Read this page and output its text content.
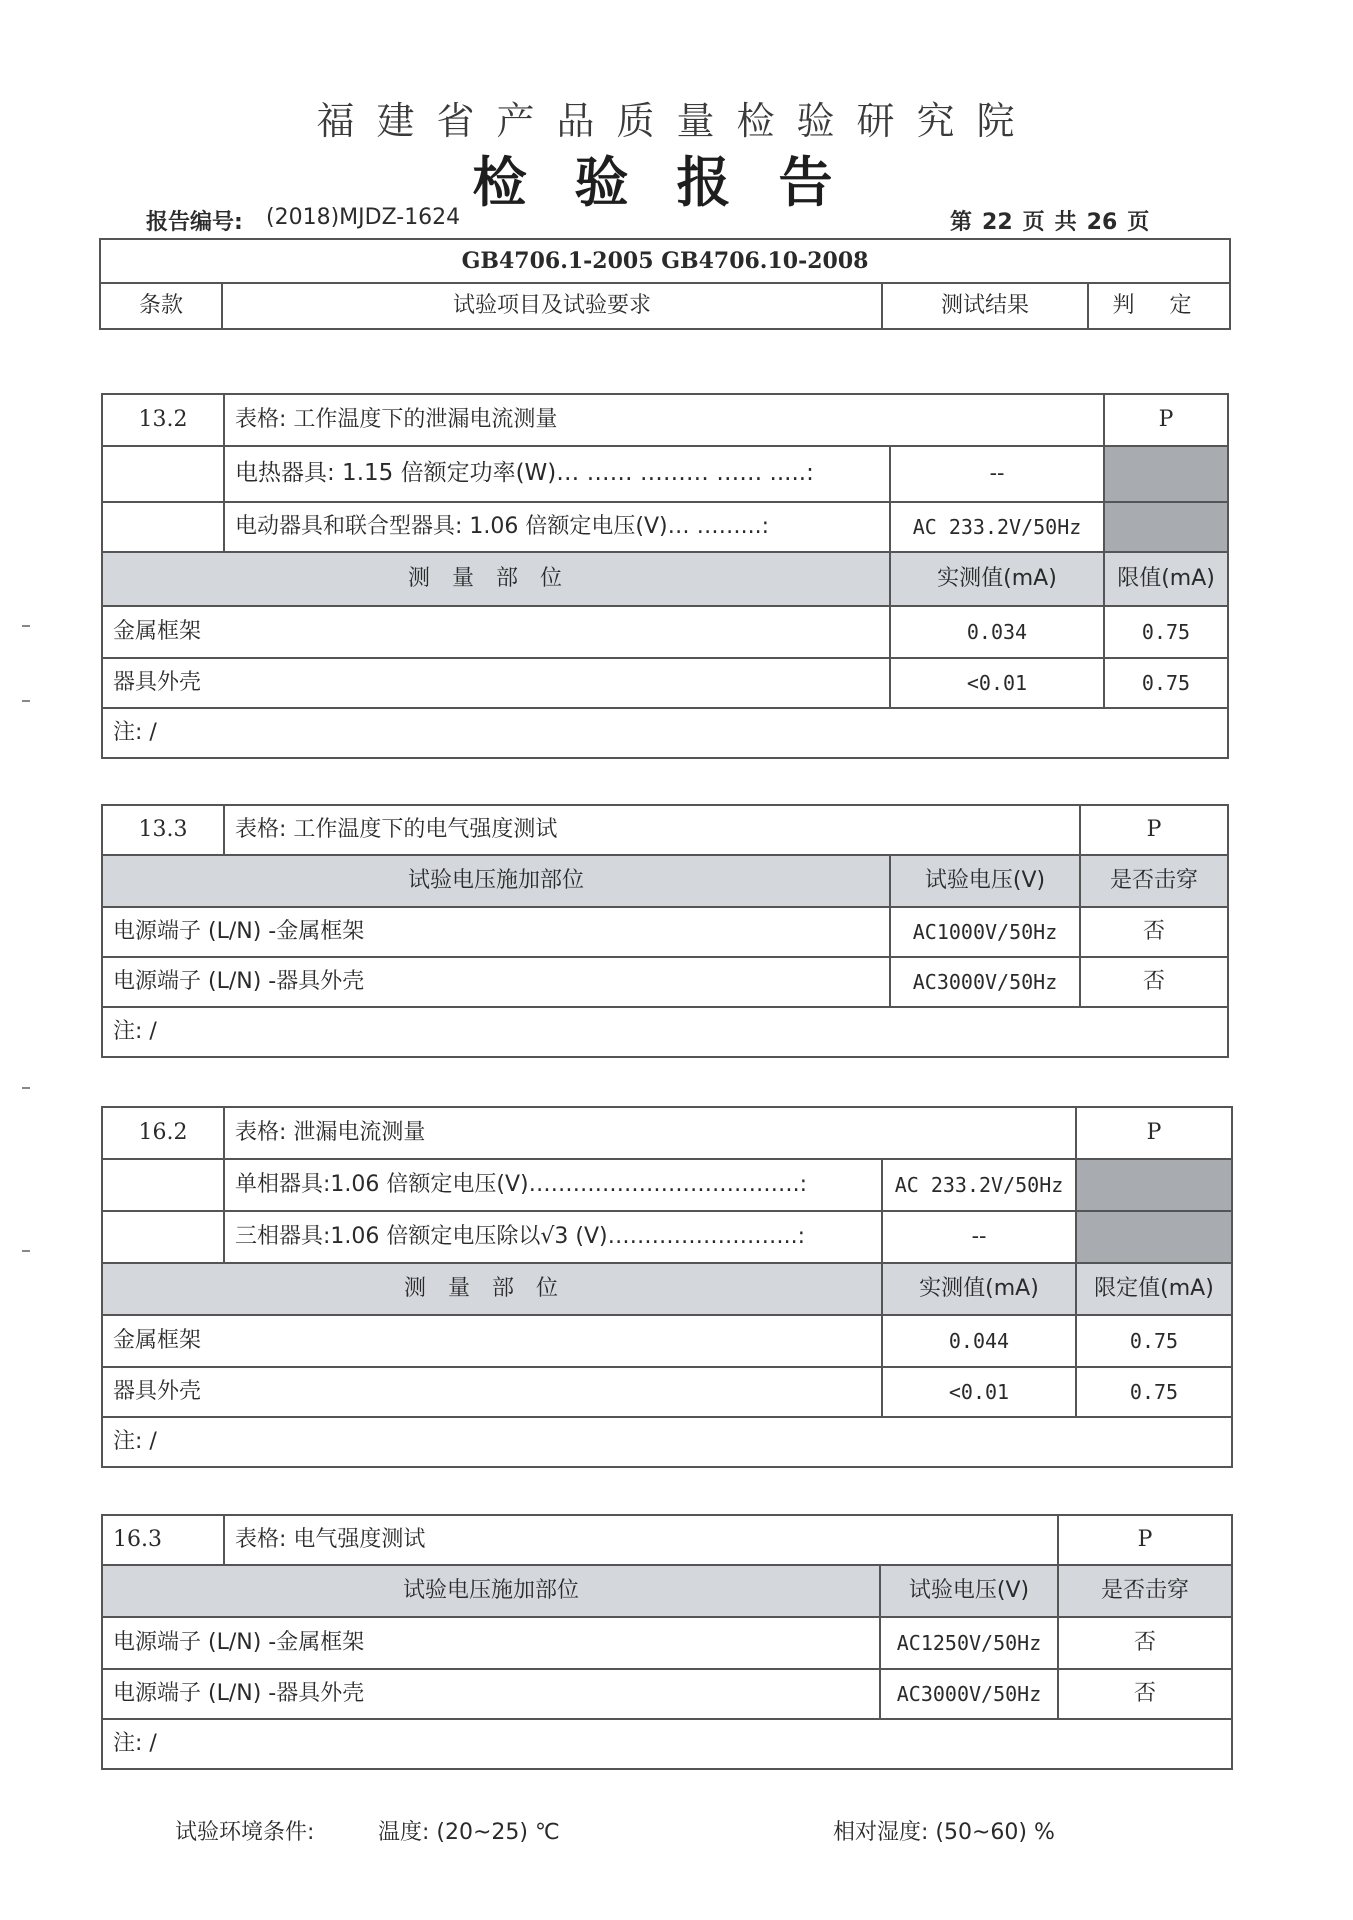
福建省产品质量检验研究院
检验报告
报告编号: (2018)MJDZ-1624	第 22 页 共 26 页
GB4706.1-2005 GB4706.10-2008
条款	试验项目及试验要求	测试结果	判 定
13.2	表格: 工作温度下的泄漏电流测量		P
	电热器具: 1.15 倍额定功率(W)… …… ……… …… .....:	--	
	电动器具和联合型器具: 1.06 倍额定电压(V)… ……...:	AC 233.2V/50Hz	
测量部位		实测值(mA)	限值(mA)
金属框架		0.034	0.75
器具外壳		<0.01	0.75
注: /			
13.3	表格: 工作温度下的电气强度测试		P
试验电压施加部位		试验电压(V)	是否击穿
电源端子 (L/N) -金属框架		AC1000V/50Hz	否
电源端子 (L/N) -器具外壳		AC3000V/50Hz	否
注: /			
16.2	表格: 泄漏电流测量		P
	单相器具:1.06 倍额定电压(V)……………………………….:	AC 233.2V/50Hz	
	三相器具:1.06 倍额定电压除以√3 (V)……………………..:	--	
测量部位		实测值(mA)	限定值(mA)
金属框架		0.044	0.75
器具外壳		<0.01	0.75
注: /			
16.3	表格: 电气强度测试		P
试验电压施加部位		试验电压(V)	是否击穿
电源端子 (L/N) -金属框架		AC1250V/50Hz	否
电源端子 (L/N) -器具外壳		AC3000V/50Hz	否
注: /			
试验环境条件:	温度: (20~25) ℃	相对湿度: (50~60) %
